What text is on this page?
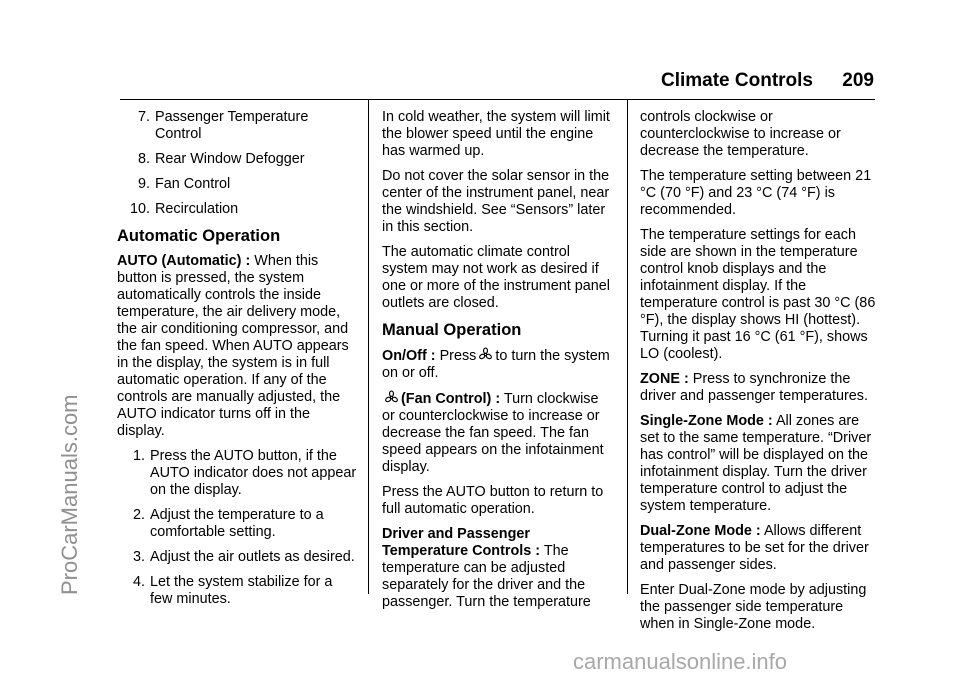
Climate Controls 209
7. Passenger Temperature Control
8. Rear Window Defogger
9. Fan Control
10. Recirculation
Automatic Operation

AUTO (Automatic) : When this button is pressed, the system automatically controls the inside temperature, the air delivery mode, the air conditioning compressor, and the fan speed. When AUTO appears in the display, the system is in full automatic operation. If any of the controls are manually adjusted, the AUTO indicator turns off in the display.

1. Press the AUTO button, if the AUTO indicator does not appear on the display.
2. Adjust the temperature to a comfortable setting.
3. Adjust the air outlets as desired.
4. Let the system stabilize for a few minutes.

In cold weather, the system will limit the blower speed until the engine has warmed up.

Do not cover the solar sensor in the center of the instrument panel, near the windshield. See “Sensors” later in this section.

The automatic climate control system may not work as desired if one or more of the instrument panel outlets are closed.

Manual Operation

On/Off : Press to turn the system on or off.

(Fan Control) : Turn clockwise or counterclockwise to increase or decrease the fan speed. The fan speed appears on the infotainment display.

Press the AUTO button to return to full automatic operation.

Driver and Passenger Temperature Controls : The temperature can be adjusted separately for the driver and the passenger. Turn the temperature

controls clockwise or counterclockwise to increase or decrease the temperature.

The temperature setting between 21 °C (70 °F) and 23 °C (74 °F) is recommended.

The temperature settings for each side are shown in the temperature control knob displays and the infotainment display. If the temperature control is past 30 °C (86 °F), the display shows HI (hottest). Turning it past 16 °C (61 °F), shows LO (coolest).

ZONE : Press to synchronize the driver and passenger temperatures.

Single-Zone Mode : All zones are set to the same temperature. “Driver has control” will be displayed on the infotainment display. Turn the driver temperature control to adjust the system temperature.

Dual-Zone Mode : Allows different temperatures to be set for the driver and passenger sides.

Enter Dual-Zone mode by adjusting the passenger side temperature when in Single-Zone mode.

ProCarManuals.com
carmanualsonline.info
